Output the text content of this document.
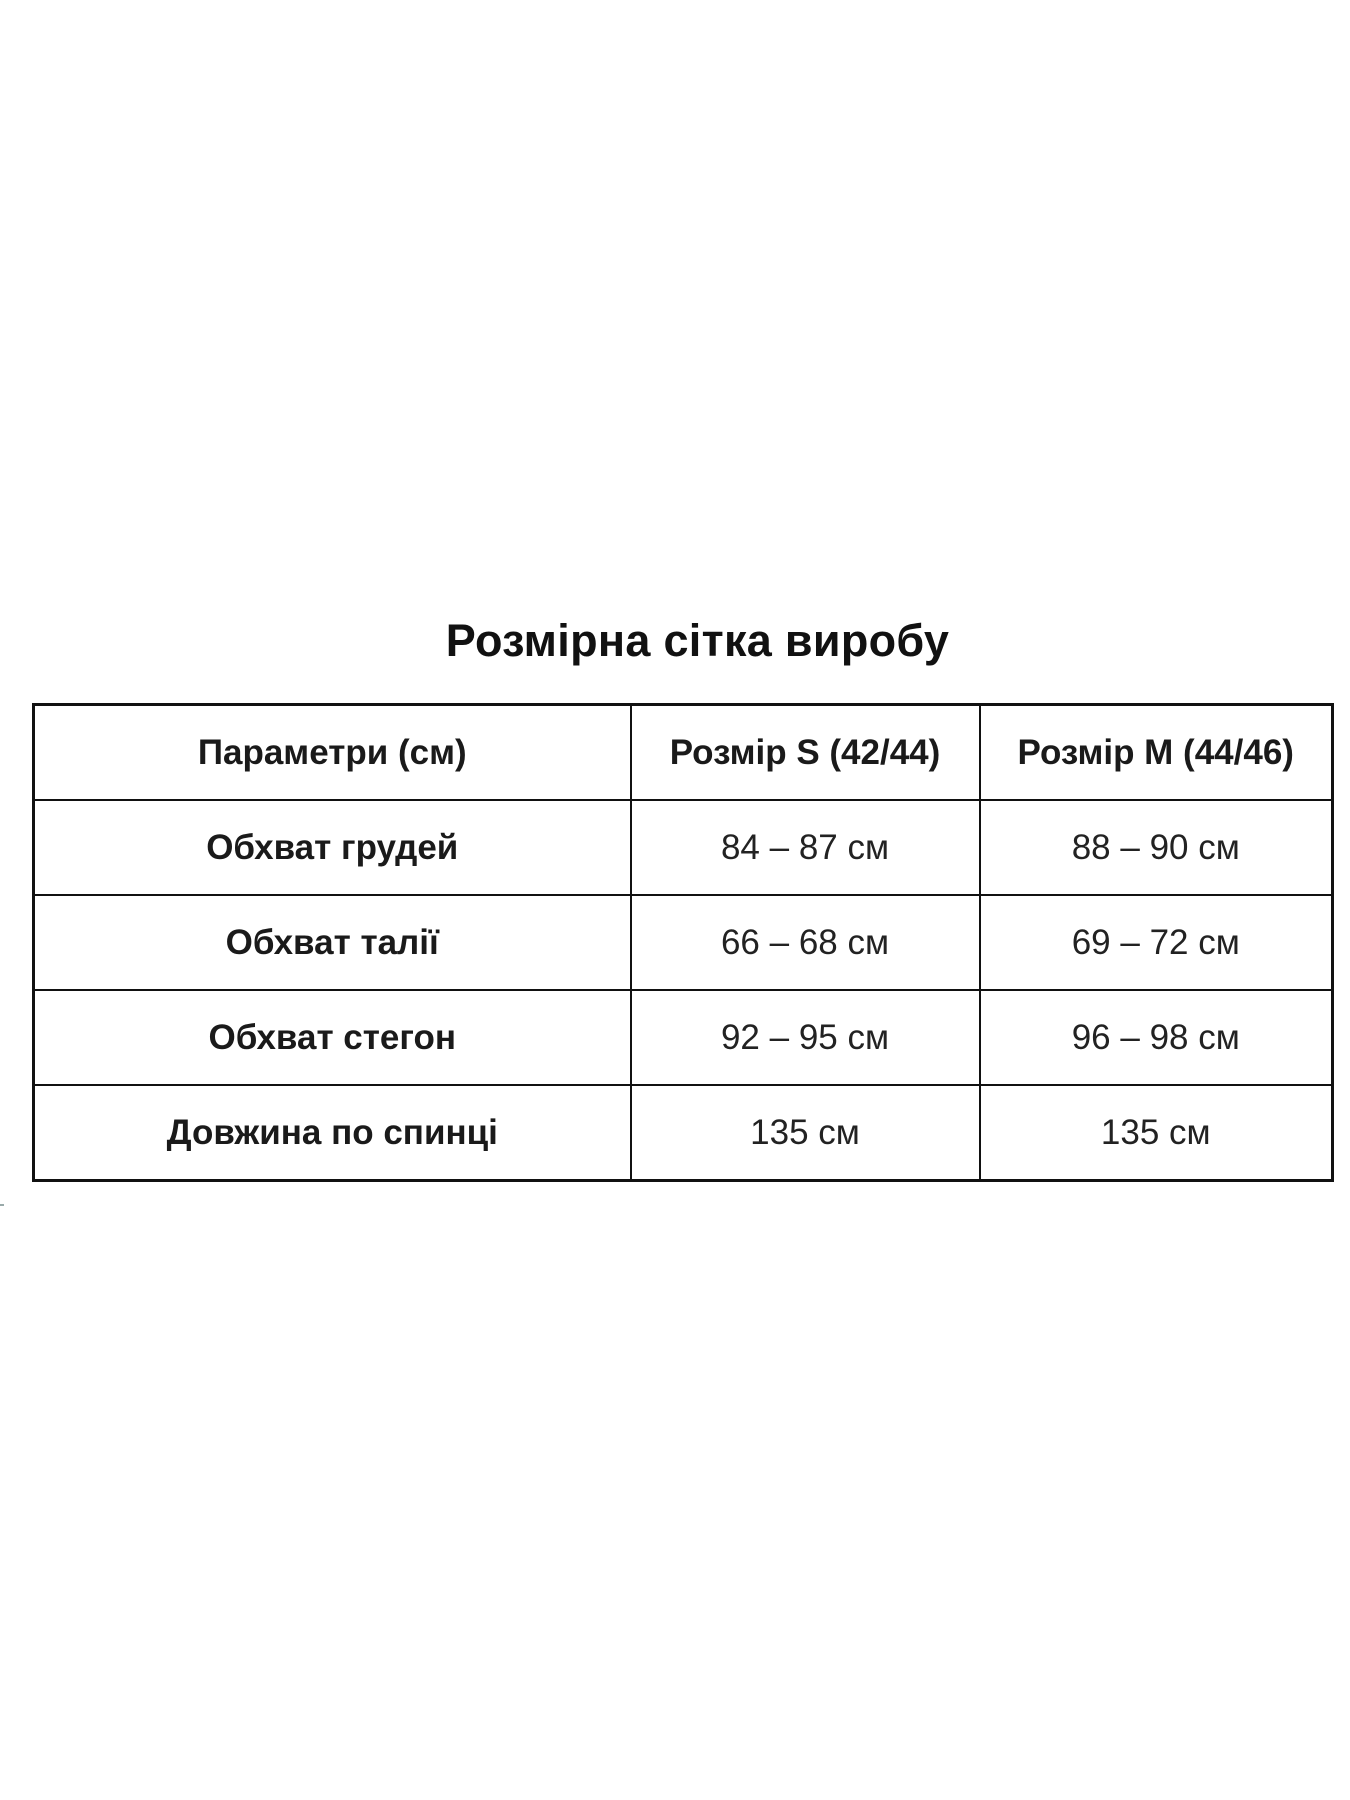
Розмірна сітка виробу
Параметри (см)	Розмір S (42/44)	Розмір M (44/46)
Обхват грудей	84 – 87 см	88 – 90 см
Обхват талії	66 – 68 см	69 – 72 см
Обхват стегон	92 – 95 см	96 – 98 см
Довжина по спинці	135 см	135 см
